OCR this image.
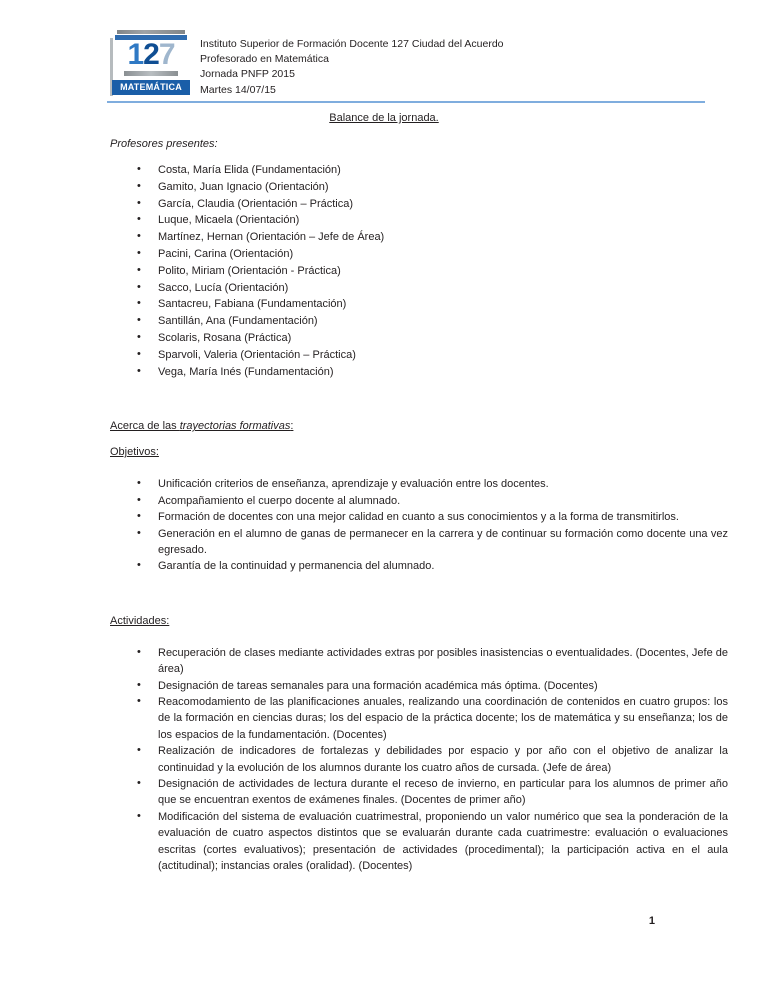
127
MATEMÁTICA
Instituto Superior de Formación Docente 127 Ciudad del Acuerdo
Profesorado en Matemática
Jornada PNFP 2015
Martes 14/07/15
Balance de la jornada.

Profesores presentes:

• Costa, María Elida (Fundamentación)
• Gamito, Juan Ignacio (Orientación)
• García, Claudia (Orientación – Práctica)
• Luque, Micaela (Orientación)
• Martínez, Hernan (Orientación – Jefe de Área)
• Pacini, Carina (Orientación)
• Polito, Miriam (Orientación - Práctica)
• Sacco, Lucía (Orientación)
• Santacreu, Fabiana (Fundamentación)
• Santillán, Ana (Fundamentación)
• Scolaris, Rosana (Práctica)
• Sparvoli, Valeria (Orientación – Práctica)
• Vega, María Inés (Fundamentación)

Acerca de las trayectorias formativas:

Objetivos:

• Unificación criterios de enseñanza, aprendizaje y evaluación entre los docentes.
• Acompañamiento el cuerpo docente al alumnado.
• Formación de docentes con una mejor calidad en cuanto a sus conocimientos y a la forma de transmitirlos.
• Generación en el alumno de ganas de permanecer en la carrera y de continuar su formación como docente una vez egresado.
• Garantía de la continuidad y permanencia del alumnado.

Actividades:

• Recuperación de clases mediante actividades extras por posibles inasistencias o eventualidades. (Docentes, Jefe de área)
• Designación de tareas semanales para una formación académica más óptima. (Docentes)
• Reacomodamiento de las planificaciones anuales, realizando una coordinación de contenidos en cuatro grupos: los de la formación en ciencias duras; los del espacio de la práctica docente; los de matemática y su enseñanza; los de los espacios de la fundamentación. (Docentes)
• Realización de indicadores de fortalezas y debilidades por espacio y por año con el objetivo de analizar la continuidad y la evolución de los alumnos durante los cuatro años de cursada. (Jefe de área)
• Designación de actividades de lectura durante el receso de invierno, en particular para los alumnos de primer año que se encuentran exentos de exámenes finales. (Docentes de primer año)
• Modificación del sistema de evaluación cuatrimestral, proponiendo un valor numérico que sea la ponderación de la evaluación de cuatro aspectos distintos que se evaluarán durante cada cuatrimestre: evaluación o evaluaciones escritas (cortes evaluativos); presentación de actividades (procedimental); la participación activa en el aula (actitudinal); instancias orales (oralidad). (Docentes)
1
